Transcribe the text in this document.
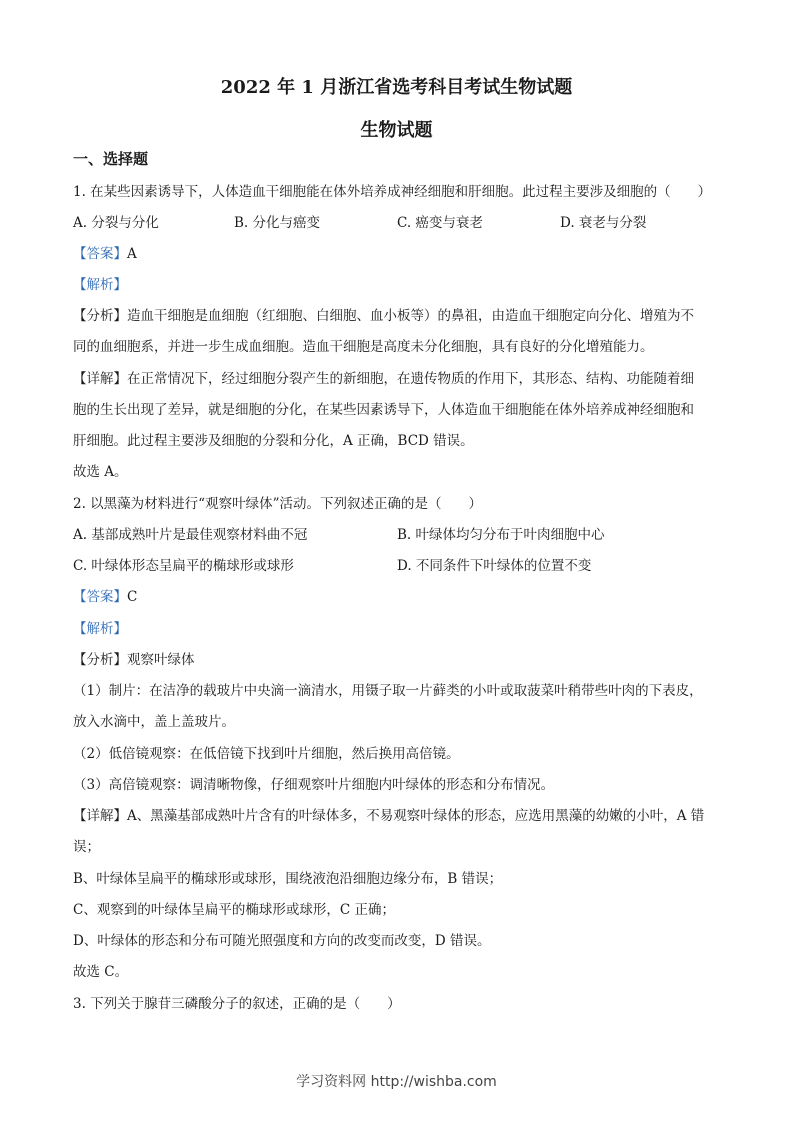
2022 年 1 月浙江省选考科目考试生物试题
生物试题
一、选择题
1. 在某些因素诱导下，人体造血干细胞能在体外培养成神经细胞和肝细胞。此过程主要涉及细胞的（　　）
A. 分裂与分化	B. 分化与癌变	C. 癌变与衰老	D. 衰老与分裂
【答案】A
【解析】
【分析】造血干细胞是血细胞（红细胞、白细胞、血小板等）的鼻祖，由造血干细胞定向分化、增殖为不
同的血细胞系，并进一步生成血细胞。造血干细胞是高度未分化细胞，具有良好的分化增殖能力。
【详解】在正常情况下，经过细胞分裂产生的新细胞，在遗传物质的作用下，其形态、结构、功能随着细
胞的生长出现了差异，就是细胞的分化，在某些因素诱导下，人体造血干细胞能在体外培养成神经细胞和
肝细胞。此过程主要涉及细胞的分裂和分化，A 正确，BCD 错误。
故选 A。
2. 以黑藻为材料进行“观察叶绿体”活动。下列叙述正确的是（　　）
A. 基部成熟叶片是最佳观察材料曲不冠	B. 叶绿体均匀分布于叶肉细胞中心
C. 叶绿体形态呈扁平的椭球形或球形	D. 不同条件下叶绿体的位置不变
【答案】C
【解析】
【分析】观察叶绿体
（1）制片：在洁净的载玻片中央滴一滴清水，用镊子取一片藓类的小叶或取菠菜叶稍带些叶肉的下表皮，
放入水滴中，盖上盖玻片。
（2）低倍镜观察：在低倍镜下找到叶片细胞，然后换用高倍镜。
（3）高倍镜观察：调清晰物像，仔细观察叶片细胞内叶绿体的形态和分布情况。
【详解】A、黑藻基部成熟叶片含有的叶绿体多，不易观察叶绿体的形态，应选用黑藻的幼嫩的小叶，A 错
误；
B、叶绿体呈扁平的椭球形或球形，围绕液泡沿细胞边缘分布，B 错误；
C、观察到的叶绿体呈扁平的椭球形或球形，C 正确；
D、叶绿体的形态和分布可随光照强度和方向的改变而改变，D 错误。
故选 C。
3. 下列关于腺苷三磷酸分子的叙述，正确的是（　　）
学习资料网 http://wishba.com
